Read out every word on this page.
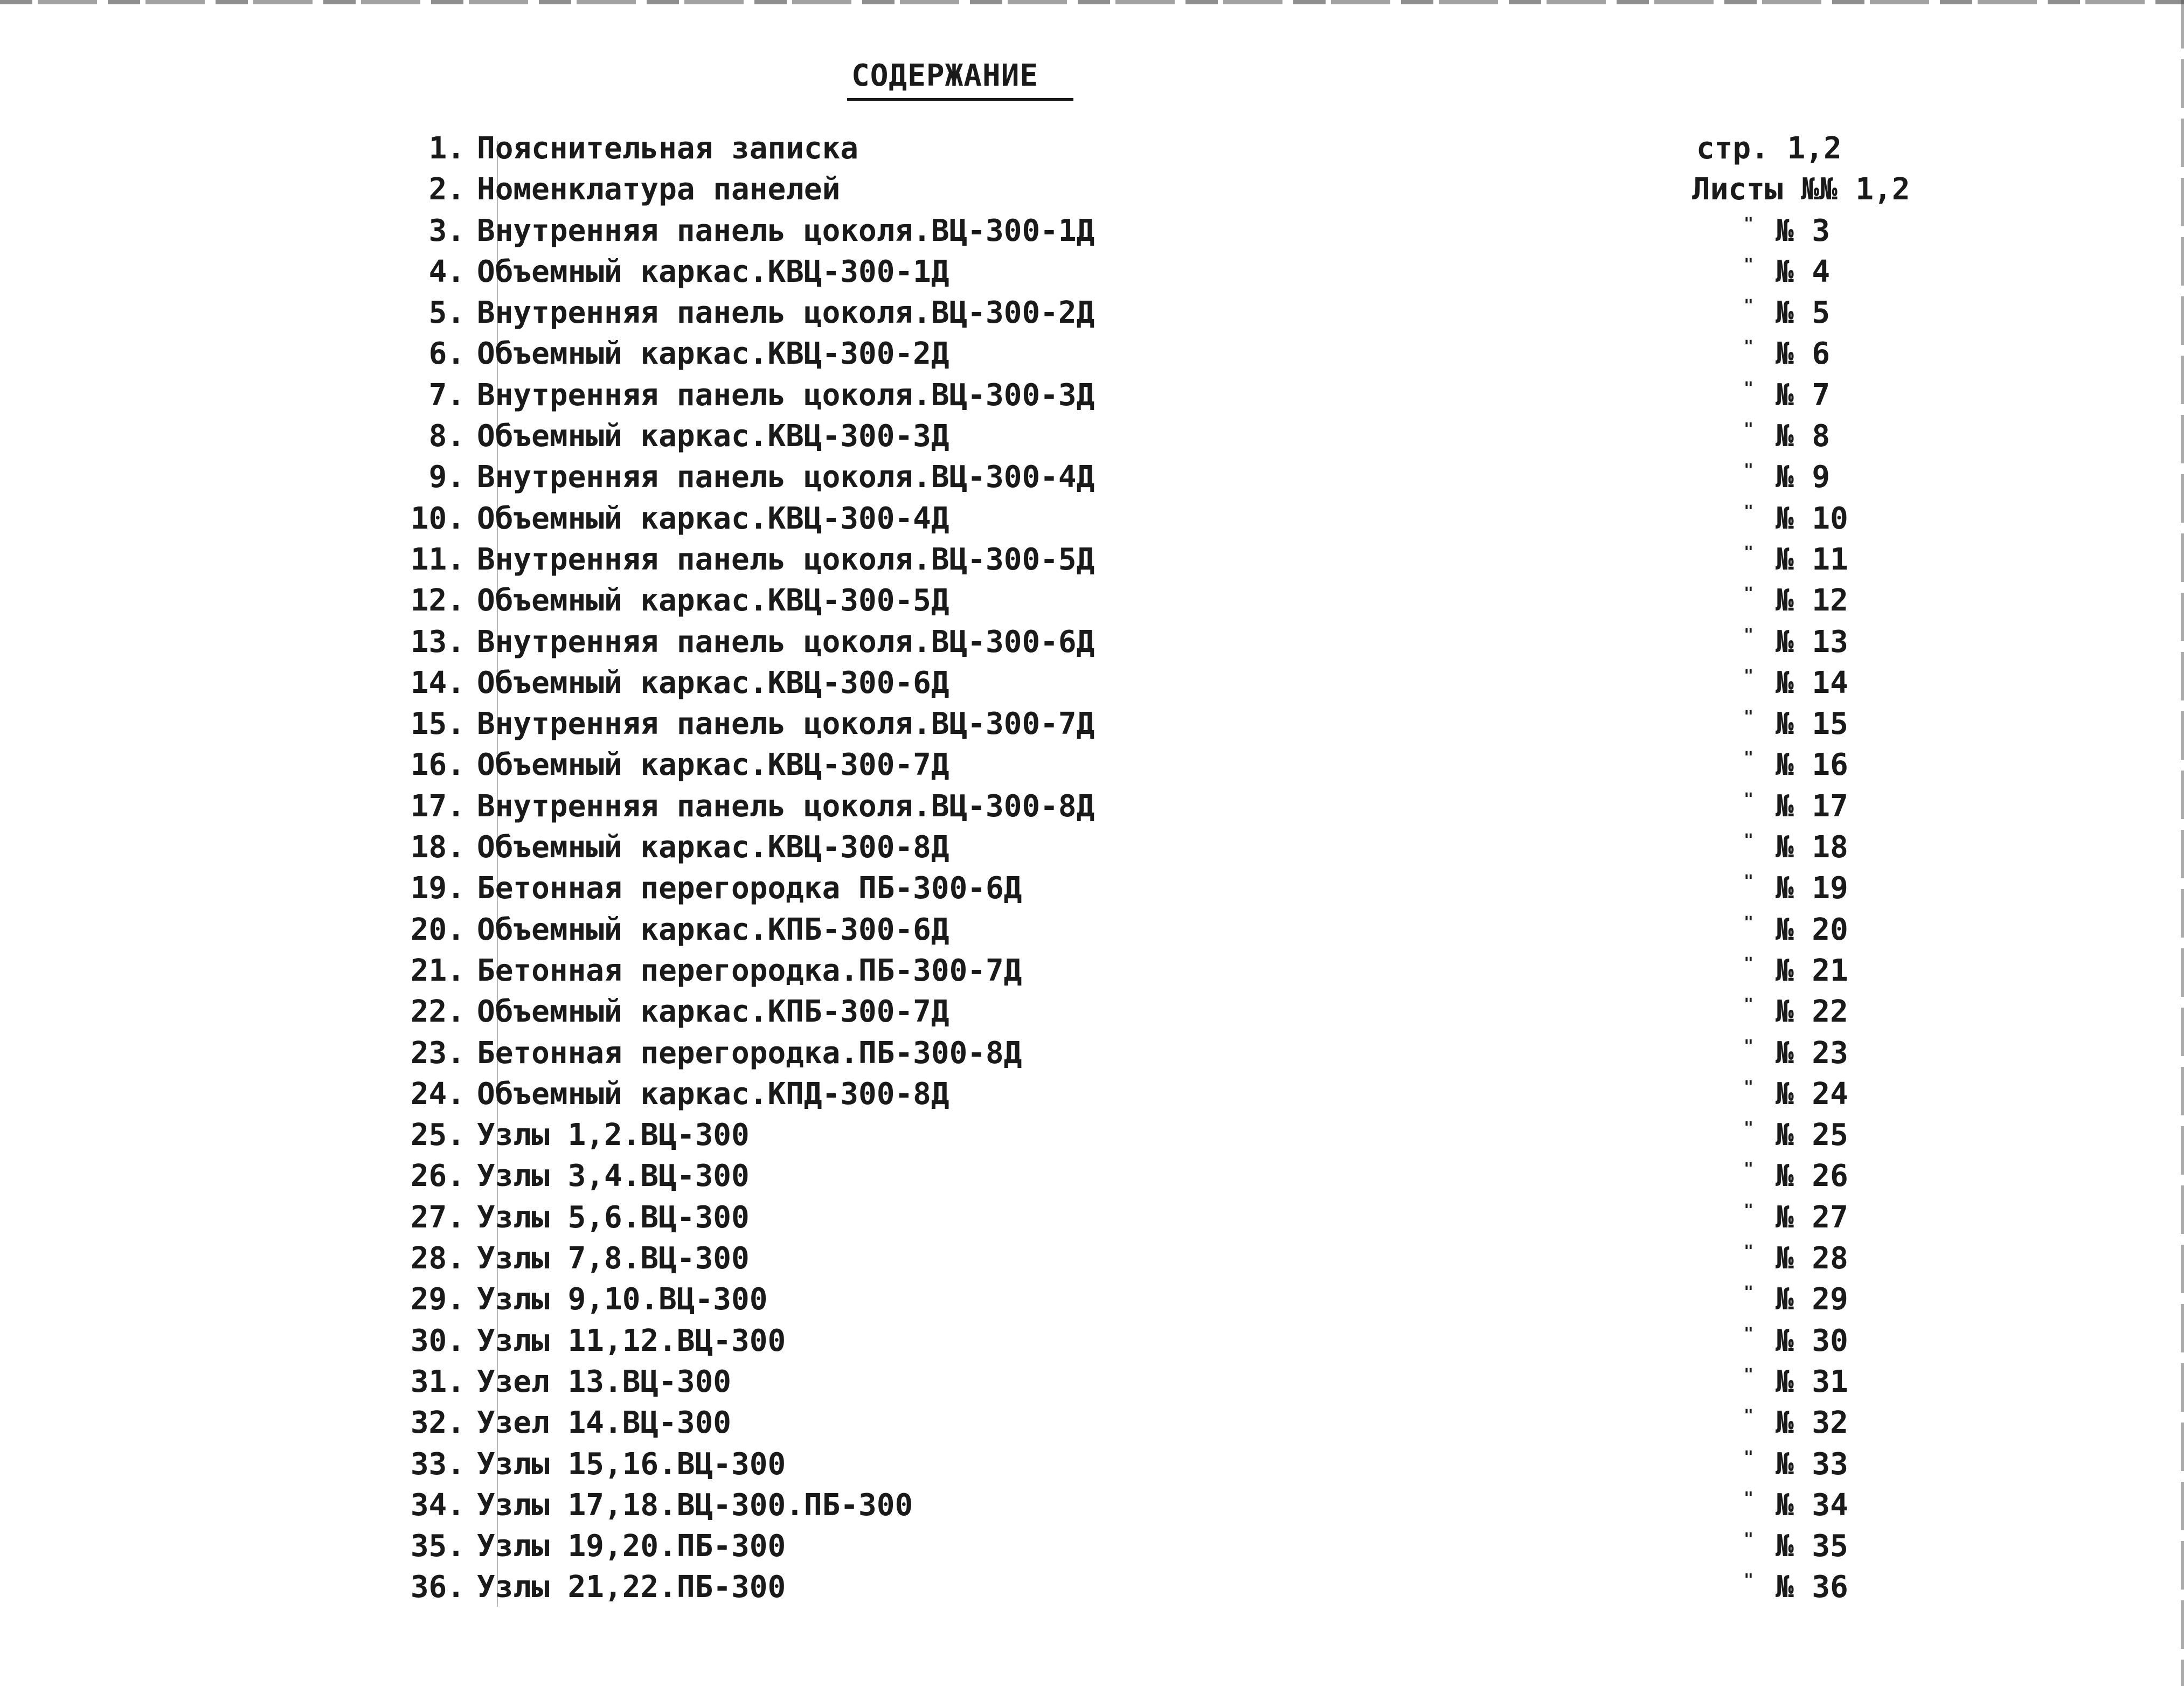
СОДЕРЖАНИЕ
1. Пояснительная записка	стр. 1,2
2. Номенклатура панелей	Листы №№ 1,2
3. Внутренняя панель цоколя.ВЦ-300-1Д	" № 3
4. Объемный каркас.КВЦ-300-1Д	" № 4
5. Внутренняя панель цоколя.ВЦ-300-2Д	" № 5
6. Объемный каркас.КВЦ-300-2Д	" № 6
7. Внутренняя панель цоколя.ВЦ-300-3Д	" № 7
8. Объемный каркас.КВЦ-300-3Д	" № 8
9. Внутренняя панель цоколя.ВЦ-300-4Д	" № 9
10. Объемный каркас.КВЦ-300-4Д	" № 10
11. Внутренняя панель цоколя.ВЦ-300-5Д	" № 11
12. Объемный каркас.КВЦ-300-5Д	" № 12
13. Внутренняя панель цоколя.ВЦ-300-6Д	" № 13
14. Объемный каркас.КВЦ-300-6Д	" № 14
15. Внутренняя панель цоколя.ВЦ-300-7Д	" № 15
16. Объемный каркас.КВЦ-300-7Д	" № 16
17. Внутренняя панель цоколя.ВЦ-300-8Д	" № 17
18. Объемный каркас.КВЦ-300-8Д	" № 18
19. Бетонная перегородка ПБ-300-6Д	" № 19
20. Объемный каркас.КПБ-300-6Д	" № 20
21. Бетонная перегородка.ПБ-300-7Д	" № 21
22. Объемный каркас.КПБ-300-7Д	" № 22
23. Бетонная перегородка.ПБ-300-8Д	" № 23
24. Объемный каркас.КПД-300-8Д	" № 24
25. Узлы 1,2.ВЦ-300	" № 25
26. Узлы 3,4.ВЦ-300	" № 26
27. Узлы 5,6.ВЦ-300	" № 27
28. Узлы 7,8.ВЦ-300	" № 28
29. Узлы 9,10.ВЦ-300	" № 29
30. Узлы 11,12.ВЦ-300	" № 30
31. Узел 13.ВЦ-300	" № 31
32. Узел 14.ВЦ-300	" № 32
33. Узлы 15,16.ВЦ-300	" № 33
34. Узлы 17,18.ВЦ-300.ПБ-300	" № 34
35. Узлы 19,20.ПБ-300	" № 35
36. Узлы 21,22.ПБ-300	" № 36
